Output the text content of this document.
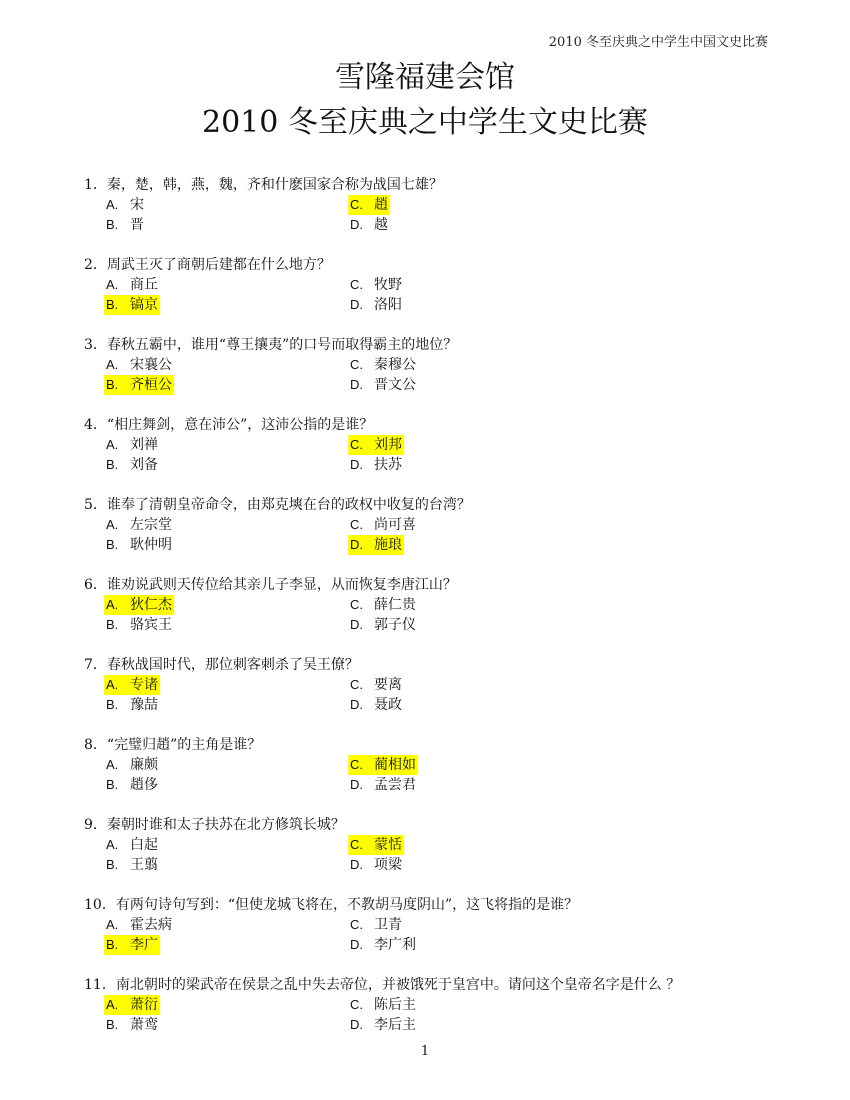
2010 冬至庆典之中学生中国文史比赛
雪隆福建会馆
2010 冬至庆典之中学生文史比赛
1．秦，楚，韩，燕，魏，齐和什麽国家合称为战国七雄？
A. 宋	C. 趙
B. 晋	D. 越
2．周武王灭了商朝后建都在什么地方？
A. 商丘	C. 牧野
B. 镐京	D. 洛阳
3．春秋五霸中，谁用“尊王攘夷”的口号而取得霸主的地位？
A. 宋襄公	C. 秦穆公
B. 齐桓公	D. 晋文公
4．“相庄舞剑，意在沛公”，这沛公指的是谁？
A. 刘禅	C. 刘邦
B. 刘备	D. 扶苏
5．谁奉了清朝皇帝命令，由郑克塽在台的政权中收复的台湾？
A. 左宗堂	C. 尚可喜
B. 耿仲明	D. 施琅
6．谁劝说武则天传位给其亲儿子李显，从而恢复李唐江山？
A. 狄仁杰	C. 薛仁贵
B. 骆宾王	D. 郭子仪
7．春秋战国时代，那位刺客刺杀了吴王僚？
A. 专诸	C. 要离
B. 豫喆	D. 聂政
8．“完璧归趙”的主角是谁？
A. 廉颇	C. 蔺相如
B. 趙侈	D. 孟尝君
9．秦朝时谁和太子扶苏在北方修筑长城？
A. 白起	C. 蒙恬
B. 王翦	D. 项梁
10．有两句诗句写到：“但使龙城飞将在，不教胡马度阴山”，这飞将指的是谁？
A. 霍去病	C. 卫青
B. 李广	D. 李广利
11．南北朝时的梁武帝在侯景之乱中失去帝位，并被饿死于皇宫中。请问这个皇帝名字是什么 ？
A. 萧衍	C. 陈后主
B. 萧鸾	D. 李后主
1
